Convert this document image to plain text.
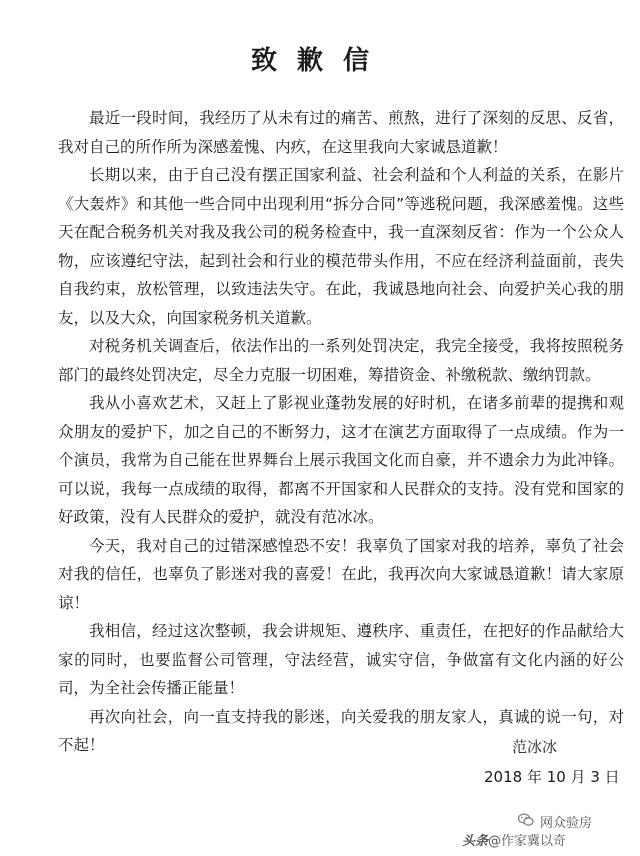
致歉信

最近一段时间，我经历了从未有过的痛苦、煎熬，进行了深刻的反思、反省，我对自己的所作所为深感羞愧、内疚，在这里我向大家诚恳道歉！

长期以来，由于自己没有摆正国家利益、社会利益和个人利益的关系，在影片《大轰炸》和其他一些合同中出现利用“拆分合同”等逃税问题，我深感羞愧。这些天在配合税务机关对我及我公司的税务检查中，我一直深刻反省：作为一个公众人物，应该遵纪守法，起到社会和行业的模范带头作用，不应在经济利益面前，丧失自我约束，放松管理，以致违法失守。在此，我诚恳地向社会、向爱护关心我的朋友，以及大众，向国家税务机关道歉。

对税务机关调查后，依法作出的一系列处罚决定，我完全接受，我将按照税务部门的最终处罚决定，尽全力克服一切困难，筹措资金、补缴税款、缴纳罚款。

我从小喜欢艺术，又赶上了影视业蓬勃发展的好时机，在诸多前辈的提携和观众朋友的爱护下，加之自己的不断努力，这才在演艺方面取得了一点成绩。作为一个演员，我常为自己能在世界舞台上展示我国文化而自豪，并不遗余力为此冲锋。可以说，我每一点成绩的取得，都离不开国家和人民群众的支持。没有党和国家的好政策，没有人民群众的爱护，就没有范冰冰。

今天，我对自己的过错深感惶恐不安！我辜负了国家对我的培养，辜负了社会对我的信任，也辜负了影迷对我的喜爱！在此，我再次向大家诚恳道歉！请大家原谅！

我相信，经过这次整顿，我会讲规矩、遵秩序、重责任，在把好的作品献给大家的同时，也要监督公司管理，守法经营，诚实守信，争做富有文化内涵的好公司，为全社会传播正能量！

再次向社会，向一直支持我的影迷，向关爱我的朋友家人，真诚的说一句，对不起！	范冰冰
2018 年 10 月 3 日
网众验房
头条@作家冀以奇
